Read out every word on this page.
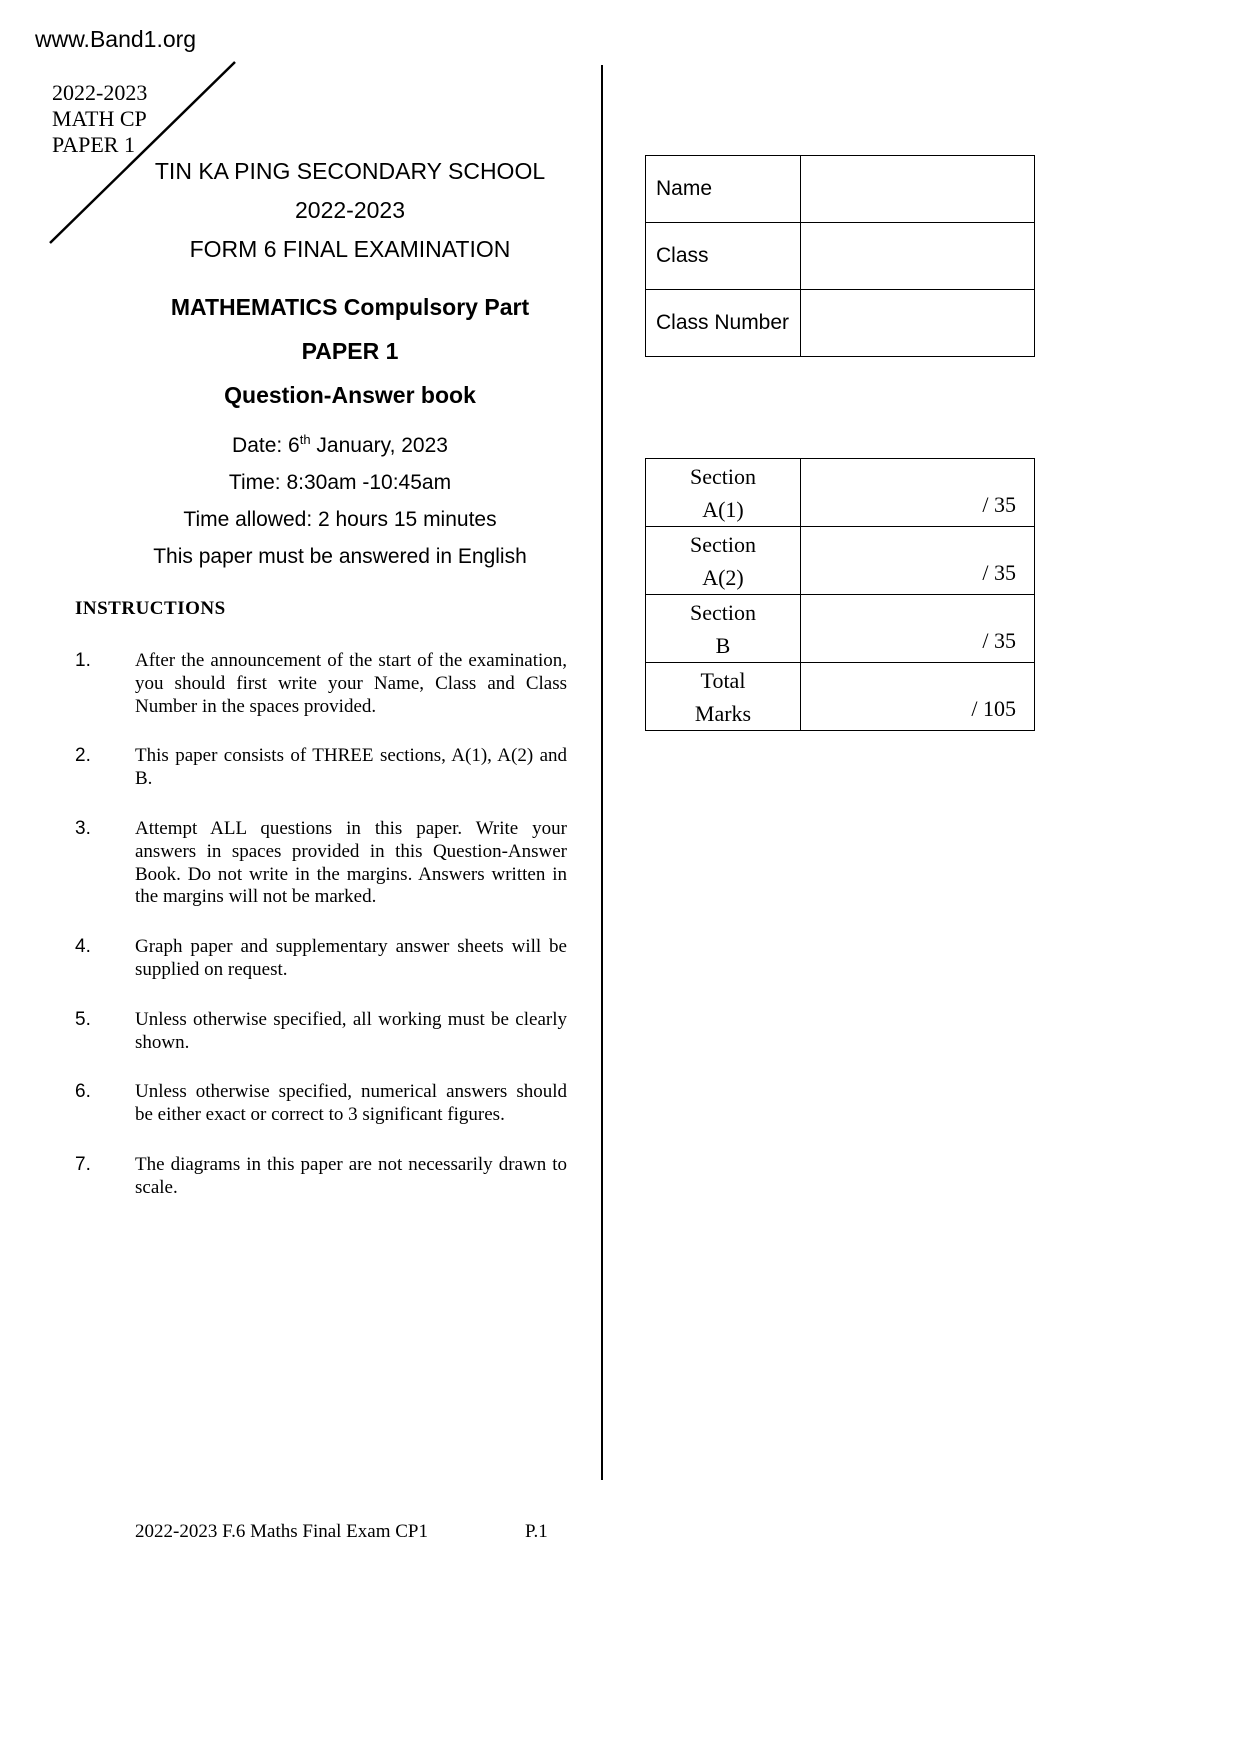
www.Band1.org
2022-2023
MATH CP
PAPER 1
TIN KA PING SECONDARY SCHOOL
2022-2023
FORM 6 FINAL EXAMINATION
MATHEMATICS Compulsory Part
PAPER 1
Question-Answer book
Date: 6th January, 2023
Time: 8:30am -10:45am
Time allowed: 2 hours 15 minutes
This paper must be answered in English
Name
Class
Class Number
Section
A(1)	/ 35
Section
A(2)	/ 35
Section
B	/ 35
Total
Marks	/ 105
INSTRUCTIONS
1.	After the announcement of the start of the examination, you should first write your Name, Class and Class Number in the spaces provided.
2.	This paper consists of THREE sections, A(1), A(2) and B.
3.	Attempt ALL questions in this paper. Write your answers in spaces provided in this Question-Answer Book. Do not write in the margins. Answers written in the margins will not be marked.
4.	Graph paper and supplementary answer sheets will be supplied on request.
5.	Unless otherwise specified, all working must be clearly shown.
6.	Unless otherwise specified, numerical answers should be either exact or correct to 3 significant figures.
7.	The diagrams in this paper are not necessarily drawn to scale.
2022-2023 F.6 Maths Final Exam CP1	P.1
